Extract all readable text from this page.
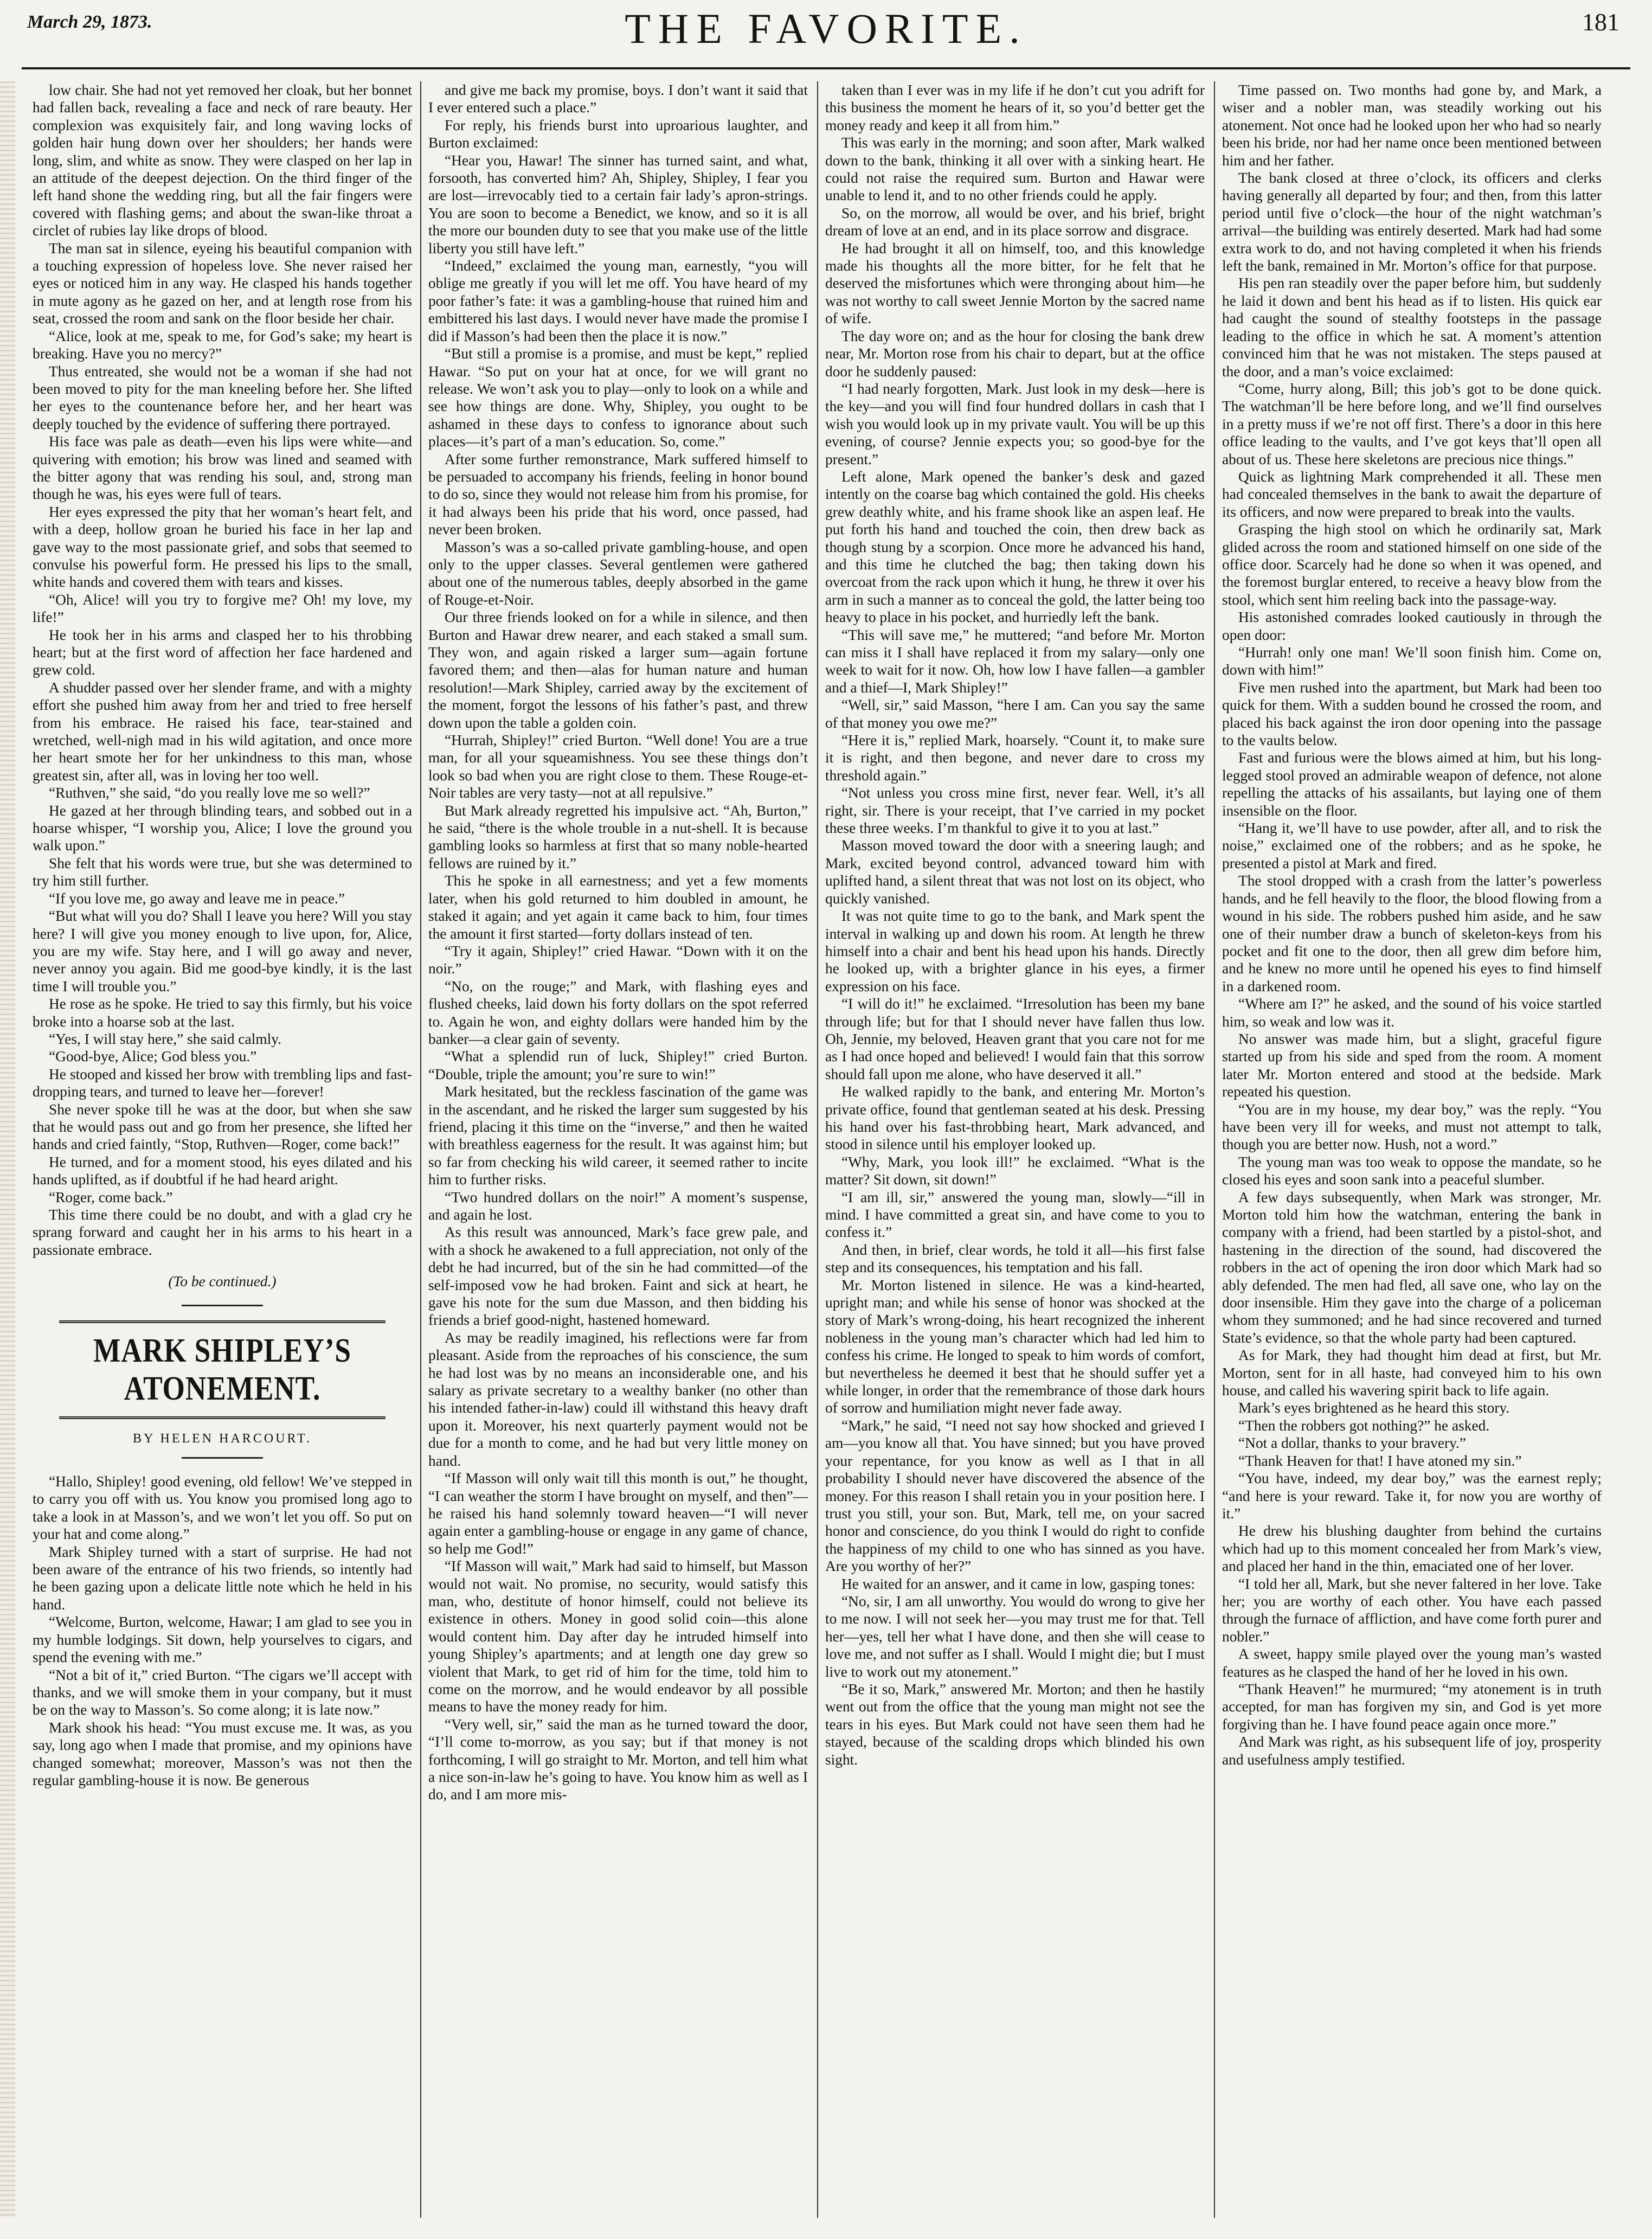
March 29, 1873.	THE FAVORITE.	181

low chair. She had not yet removed her cloak, but her bonnet had fallen back, revealing a face and neck of rare beauty. Her complexion was exquisitely fair, and long waving locks of golden hair hung down over her shoulders; her hands were long, slim, and white as snow. They were clasped on her lap in an attitude of the deepest dejection. On the third finger of the left hand shone the wedding ring, but all the fair fingers were covered with flashing gems; and about the swan-like throat a circlet of rubies lay like drops of blood.

The man sat in silence, eyeing his beautiful companion with a touching expression of hopeless love. She never raised her eyes or noticed him in any way. He clasped his hands together in mute agony as he gazed on her, and at length rose from his seat, crossed the room and sank on the floor beside her chair.

“Alice, look at me, speak to me, for God’s sake; my heart is breaking. Have you no mercy?”

Thus entreated, she would not be a woman if she had not been moved to pity for the man kneeling before her. She lifted her eyes to the countenance before her, and her heart was deeply touched by the evidence of suffering there portrayed.

His face was pale as death—even his lips were white—and quivering with emotion; his brow was lined and seamed with the bitter agony that was rending his soul, and, strong man though he was, his eyes were full of tears.

Her eyes expressed the pity that her woman’s heart felt, and with a deep, hollow groan he buried his face in her lap and gave way to the most passionate grief, and sobs that seemed to convulse his powerful form. He pressed his lips to the small, white hands and covered them with tears and kisses.

“Oh, Alice! will you try to forgive me? Oh! my love, my life!”

He took her in his arms and clasped her to his throbbing heart; but at the first word of affection her face hardened and grew cold.

A shudder passed over her slender frame, and with a mighty effort she pushed him away from her and tried to free herself from his embrace. He raised his face, tear-stained and wretched, well-nigh mad in his wild agitation, and once more her heart smote her for her unkindness to this man, whose greatest sin, after all, was in loving her too well.

“Ruthven,” she said, “do you really love me so well?”

He gazed at her through blinding tears, and sobbed out in a hoarse whisper, “I worship you, Alice; I love the ground you walk upon.”

She felt that his words were true, but she was determined to try him still further.

“If you love me, go away and leave me in peace.”

“But what will you do? Shall I leave you here? Will you stay here? I will give you money enough to live upon, for, Alice, you are my wife. Stay here, and I will go away and never, never annoy you again. Bid me good-bye kindly, it is the last time I will trouble you.”

He rose as he spoke. He tried to say this firmly, but his voice broke into a hoarse sob at the last.

“Yes, I will stay here,” she said calmly.

“Good-bye, Alice; God bless you.”

He stooped and kissed her brow with trembling lips and fast-dropping tears, and turned to leave her—forever!

She never spoke till he was at the door, but when she saw that he would pass out and go from her presence, she lifted her hands and cried faintly, “Stop, Ruthven—Roger, come back!”

He turned, and for a moment stood, his eyes dilated and his hands uplifted, as if doubtful if he had heard aright.

“Roger, come back.”

This time there could be no doubt, and with a glad cry he sprang forward and caught her in his arms to his heart in a passionate embrace.

(To be continued.)

MARK SHIPLEY’S ATONEMENT.
BY HELEN HARCOURT.

“Hallo, Shipley! good evening, old fellow! We’ve stepped in to carry you off with us. You know you promised long ago to take a look in at Masson’s, and we won’t let you off. So put on your hat and come along.”

Mark Shipley turned with a start of surprise. He had not been aware of the entrance of his two friends, so intently had he been gazing upon a delicate little note which he held in his hand.

“Welcome, Burton, welcome, Hawar; I am glad to see you in my humble lodgings. Sit down, help yourselves to cigars, and spend the evening with me.”

“Not a bit of it,” cried Burton. “The cigars we’ll accept with thanks, and we will smoke them in your company, but it must be on the way to Masson’s. So come along; it is late now.”

Mark shook his head: “You must excuse me. It was, as you say, long ago when I made that promise, and my opinions have changed somewhat; moreover, Masson’s was not then the regular gambling-house it is now. Be generous

and give me back my promise, boys. I don’t want it said that I ever entered such a place.”

For reply, his friends burst into uproarious laughter, and Burton exclaimed:

“Hear you, Hawar! The sinner has turned saint, and what, forsooth, has converted him? Ah, Shipley, Shipley, I fear you are lost—irrevocably tied to a certain fair lady’s apron-strings. You are soon to become a Benedict, we know, and so it is all the more our bounden duty to see that you make use of the little liberty you still have left.”

“Indeed,” exclaimed the young man, earnestly, “you will oblige me greatly if you will let me off. You have heard of my poor father’s fate: it was a gambling-house that ruined him and embittered his last days. I would never have made the promise I did if Masson’s had been then the place it is now.”

“But still a promise is a promise, and must be kept,” replied Hawar. “So put on your hat at once, for we will grant no release. We won’t ask you to play—only to look on a while and see how things are done. Why, Shipley, you ought to be ashamed in these days to confess to ignorance about such places—it’s part of a man’s education. So, come.”

After some further remonstrance, Mark suffered himself to be persuaded to accompany his friends, feeling in honor bound to do so, since they would not release him from his promise, for it had always been his pride that his word, once passed, had never been broken.

Masson’s was a so-called private gambling-house, and open only to the upper classes. Several gentlemen were gathered about one of the numerous tables, deeply absorbed in the game of Rouge-et-Noir.

Our three friends looked on for a while in silence, and then Burton and Hawar drew nearer, and each staked a small sum. They won, and again risked a larger sum—again fortune favored them; and then—alas for human nature and human resolution!—Mark Shipley, carried away by the excitement of the moment, forgot the lessons of his father’s past, and threw down upon the table a golden coin.

“Hurrah, Shipley!” cried Burton. “Well done! You are a true man, for all your squeamishness. You see these things don’t look so bad when you are right close to them. These Rouge-et-Noir tables are very tasty—not at all repulsive.”

But Mark already regretted his impulsive act. “Ah, Burton,” he said, “there is the whole trouble in a nut-shell. It is because gambling looks so harmless at first that so many noble-hearted fellows are ruined by it.”

This he spoke in all earnestness; and yet a few moments later, when his gold returned to him doubled in amount, he staked it again; and yet again it came back to him, four times the amount it first started—forty dollars instead of ten.

“Try it again, Shipley!” cried Hawar. “Down with it on the noir.”

“No, on the rouge;” and Mark, with flashing eyes and flushed cheeks, laid down his forty dollars on the spot referred to. Again he won, and eighty dollars were handed him by the banker—a clear gain of seventy.

“What a splendid run of luck, Shipley!” cried Burton. “Double, triple the amount; you’re sure to win!”

Mark hesitated, but the reckless fascination of the game was in the ascendant, and he risked the larger sum suggested by his friend, placing it this time on the “inverse,” and then he waited with breathless eagerness for the result. It was against him; but so far from checking his wild career, it seemed rather to incite him to further risks.

“Two hundred dollars on the noir!” A moment’s suspense, and again he lost.

As this result was announced, Mark’s face grew pale, and with a shock he awakened to a full appreciation, not only of the debt he had incurred, but of the sin he had committed—of the self-imposed vow he had broken. Faint and sick at heart, he gave his note for the sum due Masson, and then bidding his friends a brief good-night, hastened homeward.

As may be readily imagined, his reflections were far from pleasant. Aside from the reproaches of his conscience, the sum he had lost was by no means an inconsiderable one, and his salary as private secretary to a wealthy banker (no other than his intended father-in-law) could ill withstand this heavy draft upon it. Moreover, his next quarterly payment would not be due for a month to come, and he had but very little money on hand.

“If Masson will only wait till this month is out,” he thought, “I can weather the storm I have brought on myself, and then”—he raised his hand solemnly toward heaven—“I will never again enter a gambling-house or engage in any game of chance, so help me God!”

“If Masson will wait,” Mark had said to himself, but Masson would not wait. No promise, no security, would satisfy this man, who, destitute of honor himself, could not believe its existence in others. Money in good solid coin—this alone would content him. Day after day he intruded himself into young Shipley’s apartments; and at length one day grew so violent that Mark, to get rid of him for the time, told him to come on the morrow, and he would endeavor by all possible means to have the money ready for him.

“Very well, sir,” said the man as he turned toward the door, “I’ll come to-morrow, as you say; but if that money is not forthcoming, I will go straight to Mr. Morton, and tell him what a nice son-in-law he’s going to have. You know him as well as I do, and I am more mis-

taken than I ever was in my life if he don’t cut you adrift for this business the moment he hears of it, so you’d better get the money ready and keep it all from him.”

This was early in the morning; and soon after, Mark walked down to the bank, thinking it all over with a sinking heart. He could not raise the required sum. Burton and Hawar were unable to lend it, and to no other friends could he apply.

So, on the morrow, all would be over, and his brief, bright dream of love at an end, and in its place sorrow and disgrace.

He had brought it all on himself, too, and this knowledge made his thoughts all the more bitter, for he felt that he deserved the misfortunes which were thronging about him—he was not worthy to call sweet Jennie Morton by the sacred name of wife.

The day wore on; and as the hour for closing the bank drew near, Mr. Morton rose from his chair to depart, but at the office door he suddenly paused:

“I had nearly forgotten, Mark. Just look in my desk—here is the key—and you will find four hundred dollars in cash that I wish you would look up in my private vault. You will be up this evening, of course? Jennie expects you; so good-bye for the present.”

Left alone, Mark opened the banker’s desk and gazed intently on the coarse bag which contained the gold. His cheeks grew deathly white, and his frame shook like an aspen leaf. He put forth his hand and touched the coin, then drew back as though stung by a scorpion. Once more he advanced his hand, and this time he clutched the bag; then taking down his overcoat from the rack upon which it hung, he threw it over his arm in such a manner as to conceal the gold, the latter being too heavy to place in his pocket, and hurriedly left the bank.

“This will save me,” he muttered; “and before Mr. Morton can miss it I shall have replaced it from my salary—only one week to wait for it now. Oh, how low I have fallen—a gambler and a thief—I, Mark Shipley!”

“Well, sir,” said Masson, “here I am. Can you say the same of that money you owe me?”

“Here it is,” replied Mark, hoarsely. “Count it, to make sure it is right, and then begone, and never dare to cross my threshold again.”

“Not unless you cross mine first, never fear. Well, it’s all right, sir. There is your receipt, that I’ve carried in my pocket these three weeks. I’m thankful to give it to you at last.”

Masson moved toward the door with a sneering laugh; and Mark, excited beyond control, advanced toward him with uplifted hand, a silent threat that was not lost on its object, who quickly vanished.

It was not quite time to go to the bank, and Mark spent the interval in walking up and down his room. At length he threw himself into a chair and bent his head upon his hands. Directly he looked up, with a brighter glance in his eyes, a firmer expression on his face.

“I will do it!” he exclaimed. “Irresolution has been my bane through life; but for that I should never have fallen thus low. Oh, Jennie, my beloved, Heaven grant that you care not for me as I had once hoped and believed! I would fain that this sorrow should fall upon me alone, who have deserved it all.”

He walked rapidly to the bank, and entering Mr. Morton’s private office, found that gentleman seated at his desk. Pressing his hand over his fast-throbbing heart, Mark advanced, and stood in silence until his employer looked up.

“Why, Mark, you look ill!” he exclaimed. “What is the matter? Sit down, sit down!”

“I am ill, sir,” answered the young man, slowly—“ill in mind. I have committed a great sin, and have come to you to confess it.”

And then, in brief, clear words, he told it all—his first false step and its consequences, his temptation and his fall.

Mr. Morton listened in silence. He was a kind-hearted, upright man; and while his sense of honor was shocked at the story of Mark’s wrong-doing, his heart recognized the inherent nobleness in the young man’s character which had led him to confess his crime. He longed to speak to him words of comfort, but nevertheless he deemed it best that he should suffer yet a while longer, in order that the remembrance of those dark hours of sorrow and humiliation might never fade away.

“Mark,” he said, “I need not say how shocked and grieved I am—you know all that. You have sinned; but you have proved your repentance, for you know as well as I that in all probability I should never have discovered the absence of the money. For this reason I shall retain you in your position here. I trust you still, your son. But, Mark, tell me, on your sacred honor and conscience, do you think I would do right to confide the happiness of my child to one who has sinned as you have. Are you worthy of her?”

He waited for an answer, and it came in low, gasping tones:

“No, sir, I am all unworthy. You would do wrong to give her to me now. I will not seek her—you may trust me for that. Tell her—yes, tell her what I have done, and then she will cease to love me, and not suffer as I shall. Would I might die; but I must live to work out my atonement.”

“Be it so, Mark,” answered Mr. Morton; and then he hastily went out from the office that the young man might not see the tears in his eyes. But Mark could not have seen them had he stayed, because of the scalding drops which blinded his own sight.

Time passed on. Two months had gone by, and Mark, a wiser and a nobler man, was steadily working out his atonement. Not once had he looked upon her who had so nearly been his bride, nor had her name once been mentioned between him and her father.

The bank closed at three o’clock, its officers and clerks having generally all departed by four; and then, from this latter period until five o’clock—the hour of the night watchman’s arrival—the building was entirely deserted. Mark had had some extra work to do, and not having completed it when his friends left the bank, remained in Mr. Morton’s office for that purpose.

His pen ran steadily over the paper before him, but suddenly he laid it down and bent his head as if to listen. His quick ear had caught the sound of stealthy footsteps in the passage leading to the office in which he sat. A moment’s attention convinced him that he was not mistaken. The steps paused at the door, and a man’s voice exclaimed:

“Come, hurry along, Bill; this job’s got to be done quick. The watchman’ll be here before long, and we’ll find ourselves in a pretty muss if we’re not off first. There’s a door in this here office leading to the vaults, and I’ve got keys that’ll open all about of us. These here skeletons are precious nice things.”

Quick as lightning Mark comprehended it all. These men had concealed themselves in the bank to await the departure of its officers, and now were prepared to break into the vaults.

Grasping the high stool on which he ordinarily sat, Mark glided across the room and stationed himself on one side of the office door. Scarcely had he done so when it was opened, and the foremost burglar entered, to receive a heavy blow from the stool, which sent him reeling back into the passage-way.

His astonished comrades looked cautiously in through the open door:

“Hurrah! only one man! We’ll soon finish him. Come on, down with him!”

Five men rushed into the apartment, but Mark had been too quick for them. With a sudden bound he crossed the room, and placed his back against the iron door opening into the passage to the vaults below.

Fast and furious were the blows aimed at him, but his long-legged stool proved an admirable weapon of defence, not alone repelling the attacks of his assailants, but laying one of them insensible on the floor.

“Hang it, we’ll have to use powder, after all, and to risk the noise,” exclaimed one of the robbers; and as he spoke, he presented a pistol at Mark and fired.

The stool dropped with a crash from the latter’s powerless hands, and he fell heavily to the floor, the blood flowing from a wound in his side. The robbers pushed him aside, and he saw one of their number draw a bunch of skeleton-keys from his pocket and fit one to the door, then all grew dim before him, and he knew no more until he opened his eyes to find himself in a darkened room.

“Where am I?” he asked, and the sound of his voice startled him, so weak and low was it.

No answer was made him, but a slight, graceful figure started up from his side and sped from the room. A moment later Mr. Morton entered and stood at the bedside. Mark repeated his question.

“You are in my house, my dear boy,” was the reply. “You have been very ill for weeks, and must not attempt to talk, though you are better now. Hush, not a word.”

The young man was too weak to oppose the mandate, so he closed his eyes and soon sank into a peaceful slumber.

A few days subsequently, when Mark was stronger, Mr. Morton told him how the watchman, entering the bank in company with a friend, had been startled by a pistol-shot, and hastening in the direction of the sound, had discovered the robbers in the act of opening the iron door which Mark had so ably defended. The men had fled, all save one, who lay on the door insensible. Him they gave into the charge of a policeman whom they summoned; and he had since recovered and turned State’s evidence, so that the whole party had been captured.

As for Mark, they had thought him dead at first, but Mr. Morton, sent for in all haste, had conveyed him to his own house, and called his wavering spirit back to life again.

Mark’s eyes brightened as he heard this story.

“Then the robbers got nothing?” he asked.

“Not a dollar, thanks to your bravery.”

“Thank Heaven for that! I have atoned my sin.”

“You have, indeed, my dear boy,” was the earnest reply; “and here is your reward. Take it, for now you are worthy of it.”

He drew his blushing daughter from behind the curtains which had up to this moment concealed her from Mark’s view, and placed her hand in the thin, emaciated one of her lover.

“I told her all, Mark, but she never faltered in her love. Take her; you are worthy of each other. You have each passed through the furnace of affliction, and have come forth purer and nobler.”

A sweet, happy smile played over the young man’s wasted features as he clasped the hand of her he loved in his own.

“Thank Heaven!” he murmured; “my atonement is in truth accepted, for man has forgiven my sin, and God is yet more forgiving than he. I have found peace again once more.”

And Mark was right, as his subsequent life of joy, prosperity and usefulness amply testified.
